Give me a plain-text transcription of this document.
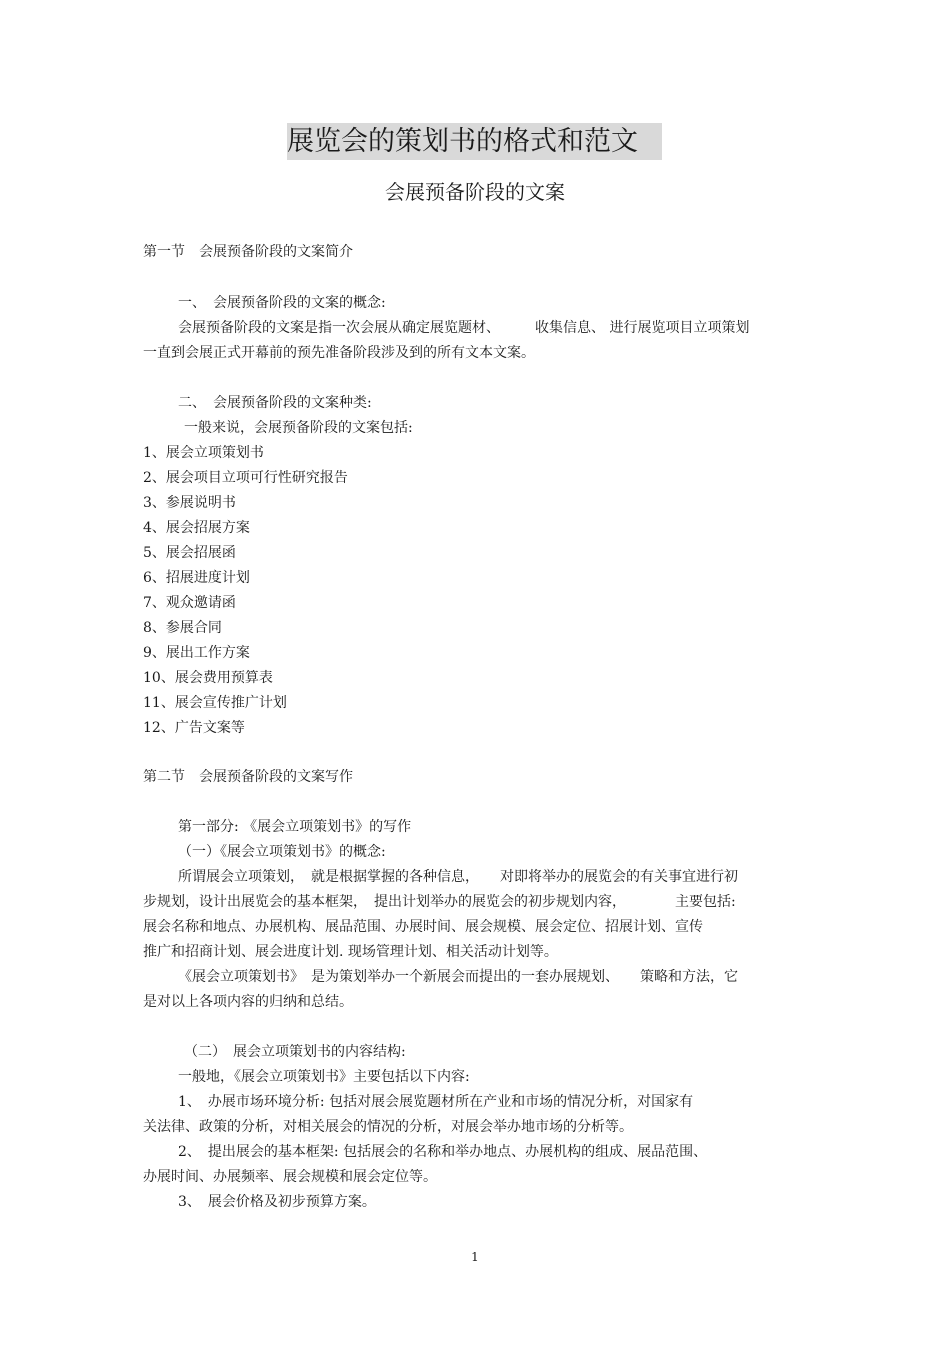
展览会的策划书的格式和范文
会展预备阶段的文案
第一节　会展预备阶段的文案简介
一、　会展预备阶段的文案的概念:
会展预备阶段的文案是指一次会展从确定展览题材、　　　收集信息、 进行展览项目立项策划
一直到会展正式开幕前的预先准备阶段涉及到的所有文本文案。
二、　会展预备阶段的文案种类:
一般来说，会展预备阶段的文案包括:
1、展会立项策划书
2、展会项目立项可行性研究报告
3、参展说明书
4、展会招展方案
5、展会招展函
6、招展进度计划
7、观众邀请函
8、参展合同
9、展出工作方案
10、展会费用预算表
11、展会宣传推广计划
12、广告文案等
第二节　会展预备阶段的文案写作
第一部分: 《展会立项策划书》的写作
（一）《展会立项策划书》的概念:
所谓展会立项策划，　就是根据掌握的各种信息，　　对即将举办的展览会的有关事宜进行初
步规划，设计出展览会的基本框架，　提出计划举办的展览会的初步规划内容，　　　　主要包括:
展会名称和地点、办展机构、展品范围、办展时间、展会规模、展会定位、招展计划、宣传
推广和招商计划、展会进度计划. 现场管理计划、相关活动计划等。
《展会立项策划书》　是为策划举办一个新展会而提出的一套办展规划、　　策略和方法，它
是对以上各项内容的归纳和总结。
（二）　展会立项策划书的内容结构:
一般地，《展会立项策划书》主要包括以下内容:
1、　办展市场环境分析: 包括对展会展览题材所在产业和市场的情况分析，对国家有
关法律、政策的分析，对相关展会的情况的分析，对展会举办地市场的分析等。
2、　提出展会的基本框架: 包括展会的名称和举办地点、办展机构的组成、展品范围、
办展时间、办展频率、展会规模和展会定位等。
3、　展会价格及初步预算方案。
1
